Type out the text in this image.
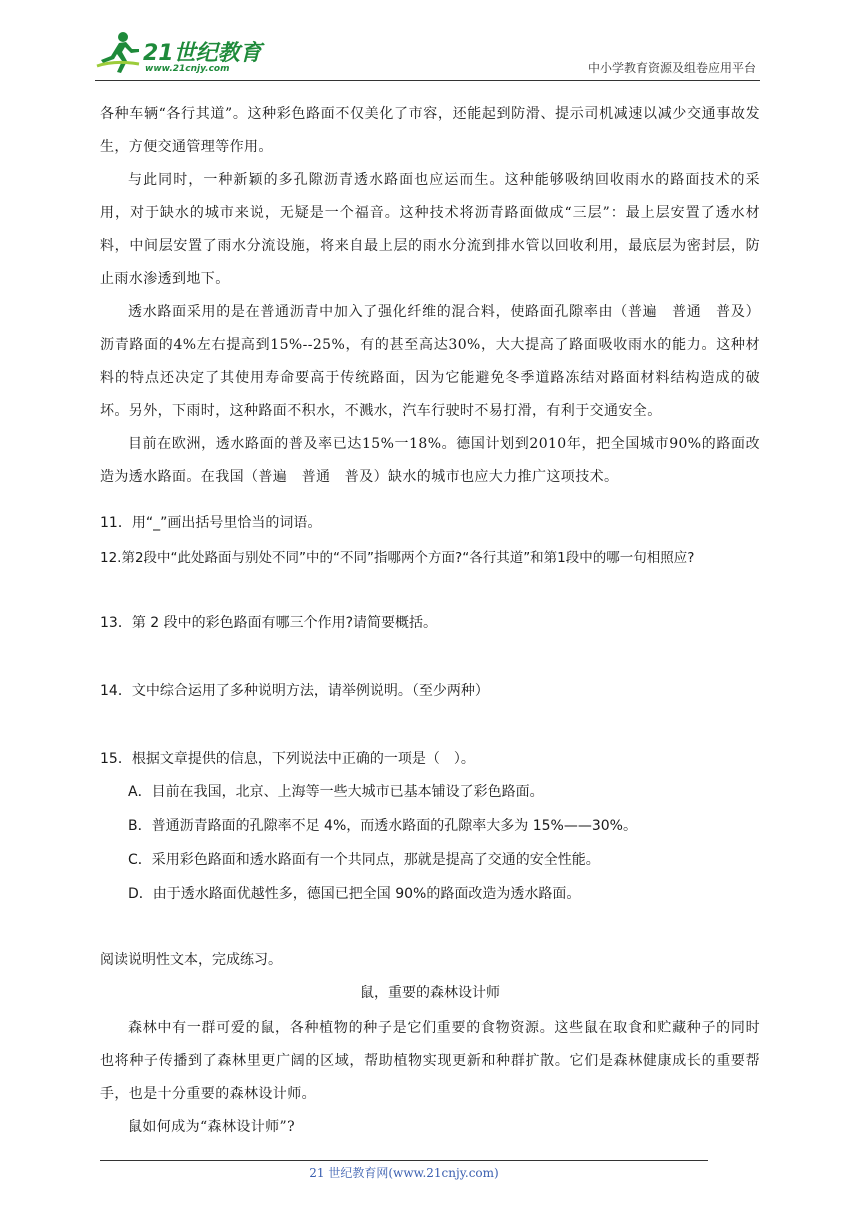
21世纪教育
www.21cnjy.com	中小学教育资源及组卷应用平台

各种车辆“各行其道”。这种彩色路面不仅美化了市容，还能起到防滑、提示司机减速以减少交通事故发生，方便交通管理等作用。

与此同时，一种新颖的多孔隙沥青透水路面也应运而生。这种能够吸纳回收雨水的路面技术的采用，对于缺水的城市来说，无疑是一个福音。这种技术将沥青路面做成“三层”：最上层安置了透水材料，中间层安置了雨水分流设施，将来自最上层的雨水分流到排水管以回收利用，最底层为密封层，防止雨水渗透到地下。

透水路面采用的是在普通沥青中加入了强化纤维的混合料，使路面孔隙率由（普遍　普通　普及）沥青路面的4%左右提高到15%--25%，有的甚至高达30%，大大提高了路面吸收雨水的能力。这种材料的特点还决定了其使用寿命要高于传统路面，因为它能避免冬季道路冻结对路面材料结构造成的破坏。另外，下雨时，这种路面不积水，不溅水，汽车行驶时不易打滑，有利于交通安全。

目前在欧洲，透水路面的普及率已达15%一18%。德国计划到2010年，把全国城市90%的路面改造为透水路面。在我国（普遍　普通　普及）缺水的城市也应大力推广这项技术。

11．用“_”画出括号里恰当的词语。
12.第2段中“此处路面与别处不同”中的“不同”指哪两个方面?“各行其道”和第1段中的哪一句相照应?
13．第 2 段中的彩色路面有哪三个作用?请简要概括。
14．文中综合运用了多种说明方法，请举例说明。（至少两种）
15．根据文章提供的信息，下列说法中正确的一项是（　）。
A．目前在我国，北京、上海等一些大城市已基本铺设了彩色路面。
B．普通沥青路面的孔隙率不足 4%，而透水路面的孔隙率大多为 15%——30%。
C．采用彩色路面和透水路面有一个共同点，那就是提高了交通的安全性能。
D．由于透水路面优越性多，德国已把全国 90%的路面改造为透水路面。
阅读说明性文本，完成练习。
鼠，重要的森林设计师

森林中有一群可爱的鼠，各种植物的种子是它们重要的食物资源。这些鼠在取食和贮藏种子的同时也将种子传播到了森林里更广阔的区域，帮助植物实现更新和种群扩散。它们是森林健康成长的重要帮手，也是十分重要的森林设计师。

鼠如何成为“森林设计师”?

21 世纪教育网(www.21cnjy.com)
